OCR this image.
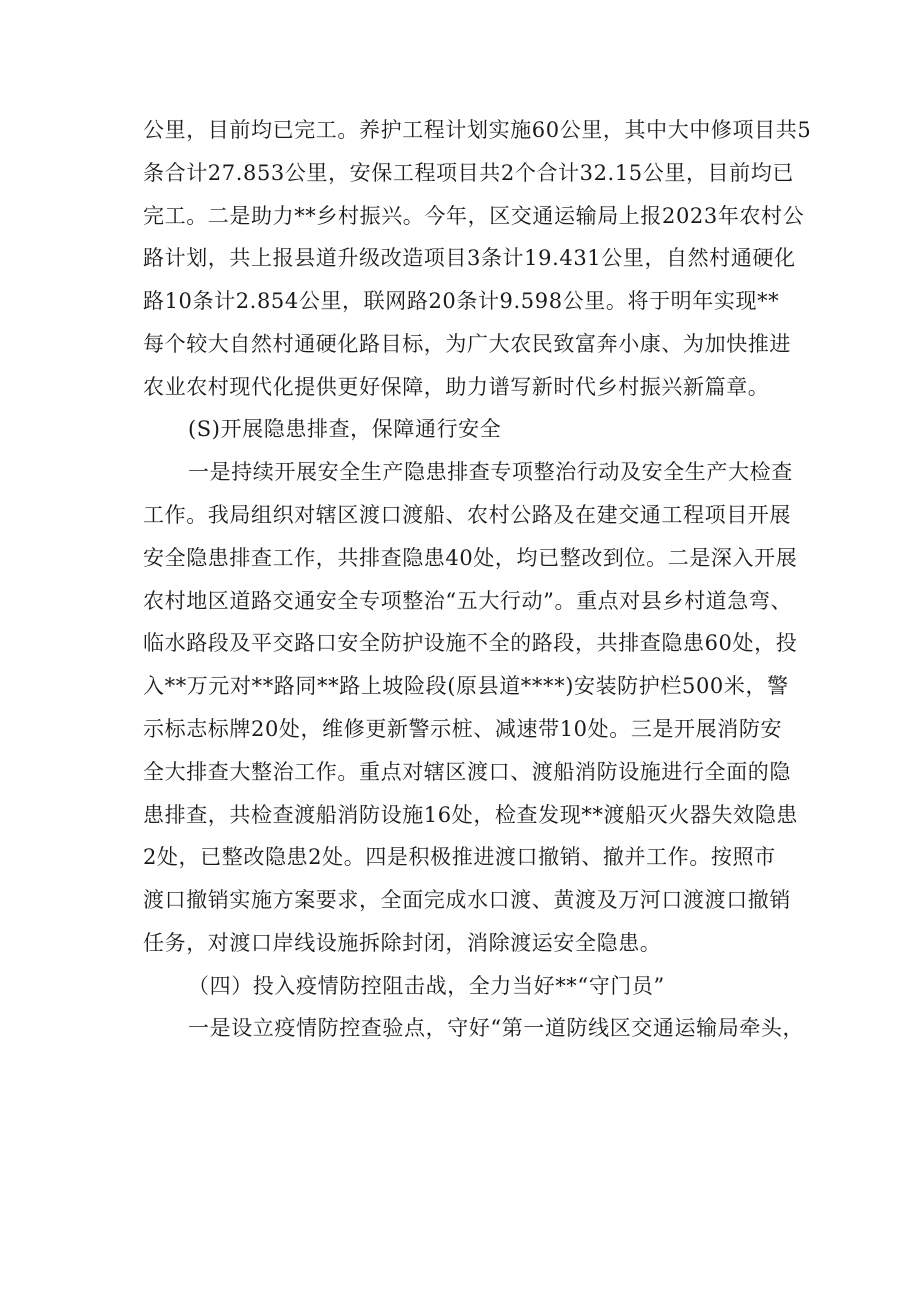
公里，目前均已完工。养护工程计划实施60公里，其中大中修项目共5
条合计27.853公里，安保工程项目共2个合计32.15公里，目前均已
完工。二是助力**乡村振兴。今年，区交通运输局上报2023年农村公
路计划，共上报县道升级改造项目3条计19.431公里，自然村通硬化
路10条计2.854公里，联网路20条计9.598公里。将于明年实现**
每个较大自然村通硬化路目标，为广大农民致富奔小康、为加快推进
农业农村现代化提供更好保障，助力谱写新时代乡村振兴新篇章。
(S)开展隐患排查，保障通行安全
一是持续开展安全生产隐患排查专项整治行动及安全生产大检查
工作。我局组织对辖区渡口渡船、农村公路及在建交通工程项目开展
安全隐患排查工作，共排查隐患40处，均已整改到位。二是深入开展
农村地区道路交通安全专项整治“五大行动”。重点对县乡村道急弯、
临水路段及平交路口安全防护设施不全的路段，共排查隐患60处，投
入**万元对**路同**路上坡险段(原县道****)安装防护栏500米，警
示标志标牌20处，维修更新警示桩、减速带10处。三是开展消防安
全大排查大整治工作。重点对辖区渡口、渡船消防设施进行全面的隐
患排查，共检查渡船消防设施16处，检查发现**渡船灭火器失效隐患
2处，已整改隐患2处。四是积极推进渡口撤销、撤并工作。按照市
渡口撤销实施方案要求，全面完成水口渡、黄渡及万河口渡渡口撤销
任务，对渡口岸线设施拆除封闭，消除渡运安全隐患。
（四）投入疫情防控阻击战，全力当好**“守门员”
一是设立疫情防控查验点，守好“第一道防线区交通运输局牵头，
